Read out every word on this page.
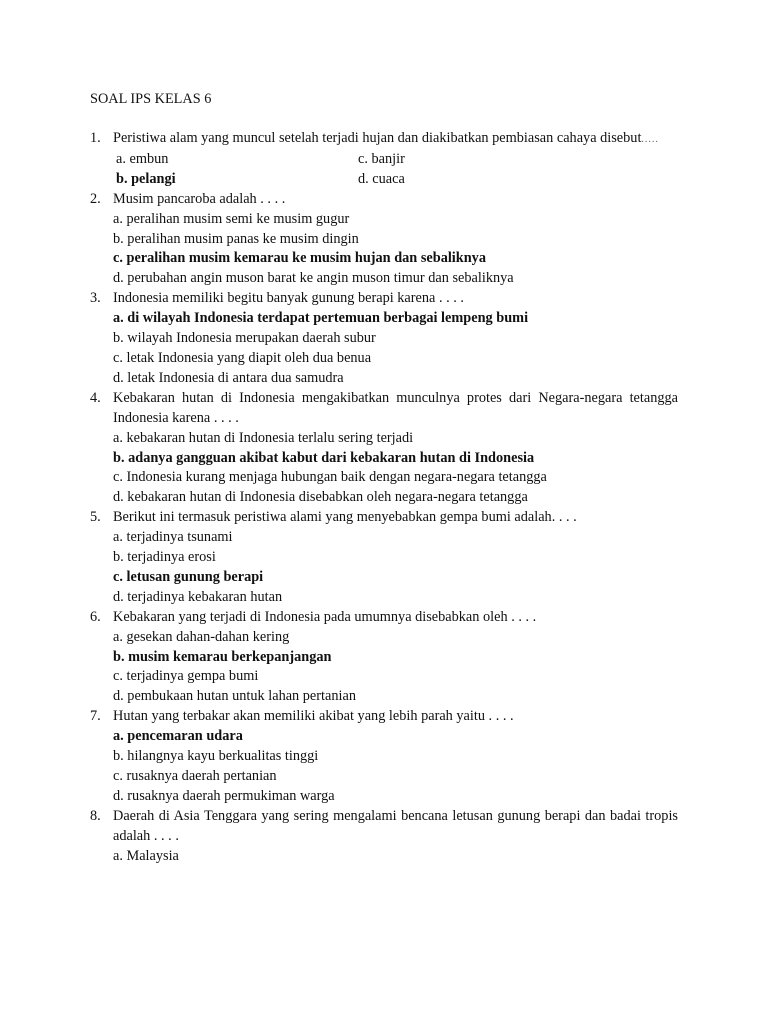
SOAL IPS KELAS 6
1. Peristiwa alam yang muncul setelah terjadi hujan dan diakibatkan pembiasan cahaya disebut.....
a. embun	c. banjir
b. pelangi	d. cuaca
2. Musim pancaroba adalah . . . .
a. peralihan musim semi ke musim gugur
b. peralihan musim panas ke musim dingin
c. peralihan musim kemarau ke musim hujan dan sebaliknya
d. perubahan angin muson barat ke angin muson timur dan sebaliknya
3. Indonesia memiliki begitu banyak gunung berapi karena . . . .
a. di wilayah Indonesia terdapat pertemuan berbagai lempeng bumi
b. wilayah Indonesia merupakan daerah subur
c. letak Indonesia yang diapit oleh dua benua
d. letak Indonesia di antara dua samudra
4. Kebakaran hutan di Indonesia mengakibatkan munculnya protes dari Negara-negara tetangga Indonesia karena . . . .
a. kebakaran hutan di Indonesia terlalu sering terjadi
b. adanya gangguan akibat kabut dari kebakaran hutan di Indonesia
c. Indonesia kurang menjaga hubungan baik dengan negara-negara tetangga
d. kebakaran hutan di Indonesia disebabkan oleh negara-negara tetangga
5. Berikut ini termasuk peristiwa alami yang menyebabkan gempa bumi adalah. . . .
a. terjadinya tsunami
b. terjadinya erosi
c. letusan gunung berapi
d. terjadinya kebakaran hutan
6. Kebakaran yang terjadi di Indonesia pada umumnya disebabkan oleh . . . .
a. gesekan dahan-dahan kering
b. musim kemarau berkepanjangan
c. terjadinya gempa bumi
d. pembukaan hutan untuk lahan pertanian
7. Hutan yang terbakar akan memiliki akibat yang lebih parah yaitu . . . .
a. pencemaran udara
b. hilangnya kayu berkualitas tinggi
c. rusaknya daerah pertanian
d. rusaknya daerah permukiman warga
8. Daerah di Asia Tenggara yang sering mengalami bencana letusan gunung berapi dan badai tropis adalah . . . .
a. Malaysia
